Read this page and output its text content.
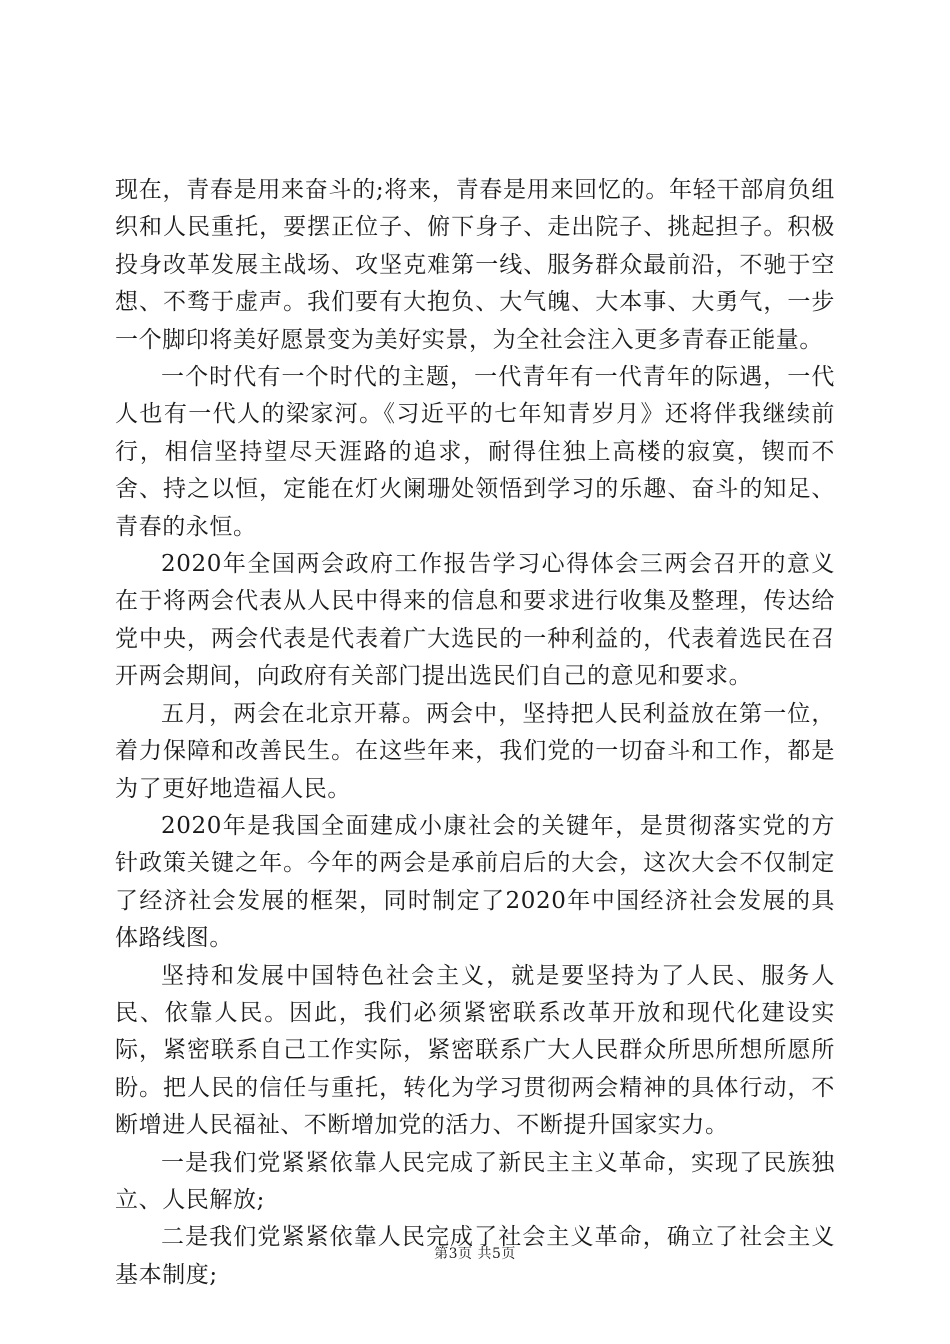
现在，青春是用来奋斗的;将来，青春是用来回忆的。年轻干部肩负组织和人民重托，要摆正位子、俯下身子、走出院子、挑起担子。积极投身改革发展主战场、攻坚克难第一线、服务群众最前沿，不驰于空想、不骛于虚声。我们要有大抱负、大气魄、大本事、大勇气，一步一个脚印将美好愿景变为美好实景，为全社会注入更多青春正能量。

一个时代有一个时代的主题，一代青年有一代青年的际遇，一代人也有一代人的梁家河。《习近平的七年知青岁月》还将伴我继续前行，相信坚持望尽天涯路的追求，耐得住独上高楼的寂寞，锲而不舍、持之以恒，定能在灯火阑珊处领悟到学习的乐趣、奋斗的知足、青春的永恒。

2020年全国两会政府工作报告学习心得体会三两会召开的意义在于将两会代表从人民中得来的信息和要求进行收集及整理，传达给党中央，两会代表是代表着广大选民的一种利益的，代表着选民在召开两会期间，向政府有关部门提出选民们自己的意见和要求。

五月，两会在北京开幕。两会中，坚持把人民利益放在第一位，着力保障和改善民生。在这些年来，我们党的一切奋斗和工作，都是为了更好地造福人民。

2020年是我国全面建成小康社会的关键年，是贯彻落实党的方针政策关键之年。今年的两会是承前启后的大会，这次大会不仅制定了经济社会发展的框架，同时制定了2020年中国经济社会发展的具体路线图。

坚持和发展中国特色社会主义，就是要坚持为了人民、服务人民、依靠人民。因此，我们必须紧密联系改革开放和现代化建设实际，紧密联系自己工作实际，紧密联系广大人民群众所思所想所愿所盼。把人民的信任与重托，转化为学习贯彻两会精神的具体行动，不断增进人民福祉、不断增加党的活力、不断提升国家实力。

一是我们党紧紧依靠人民完成了新民主主义革命，实现了民族独立、人民解放;

二是我们党紧紧依靠人民完成了社会主义革命，确立了社会主义基本制度;

第3页 共5页
